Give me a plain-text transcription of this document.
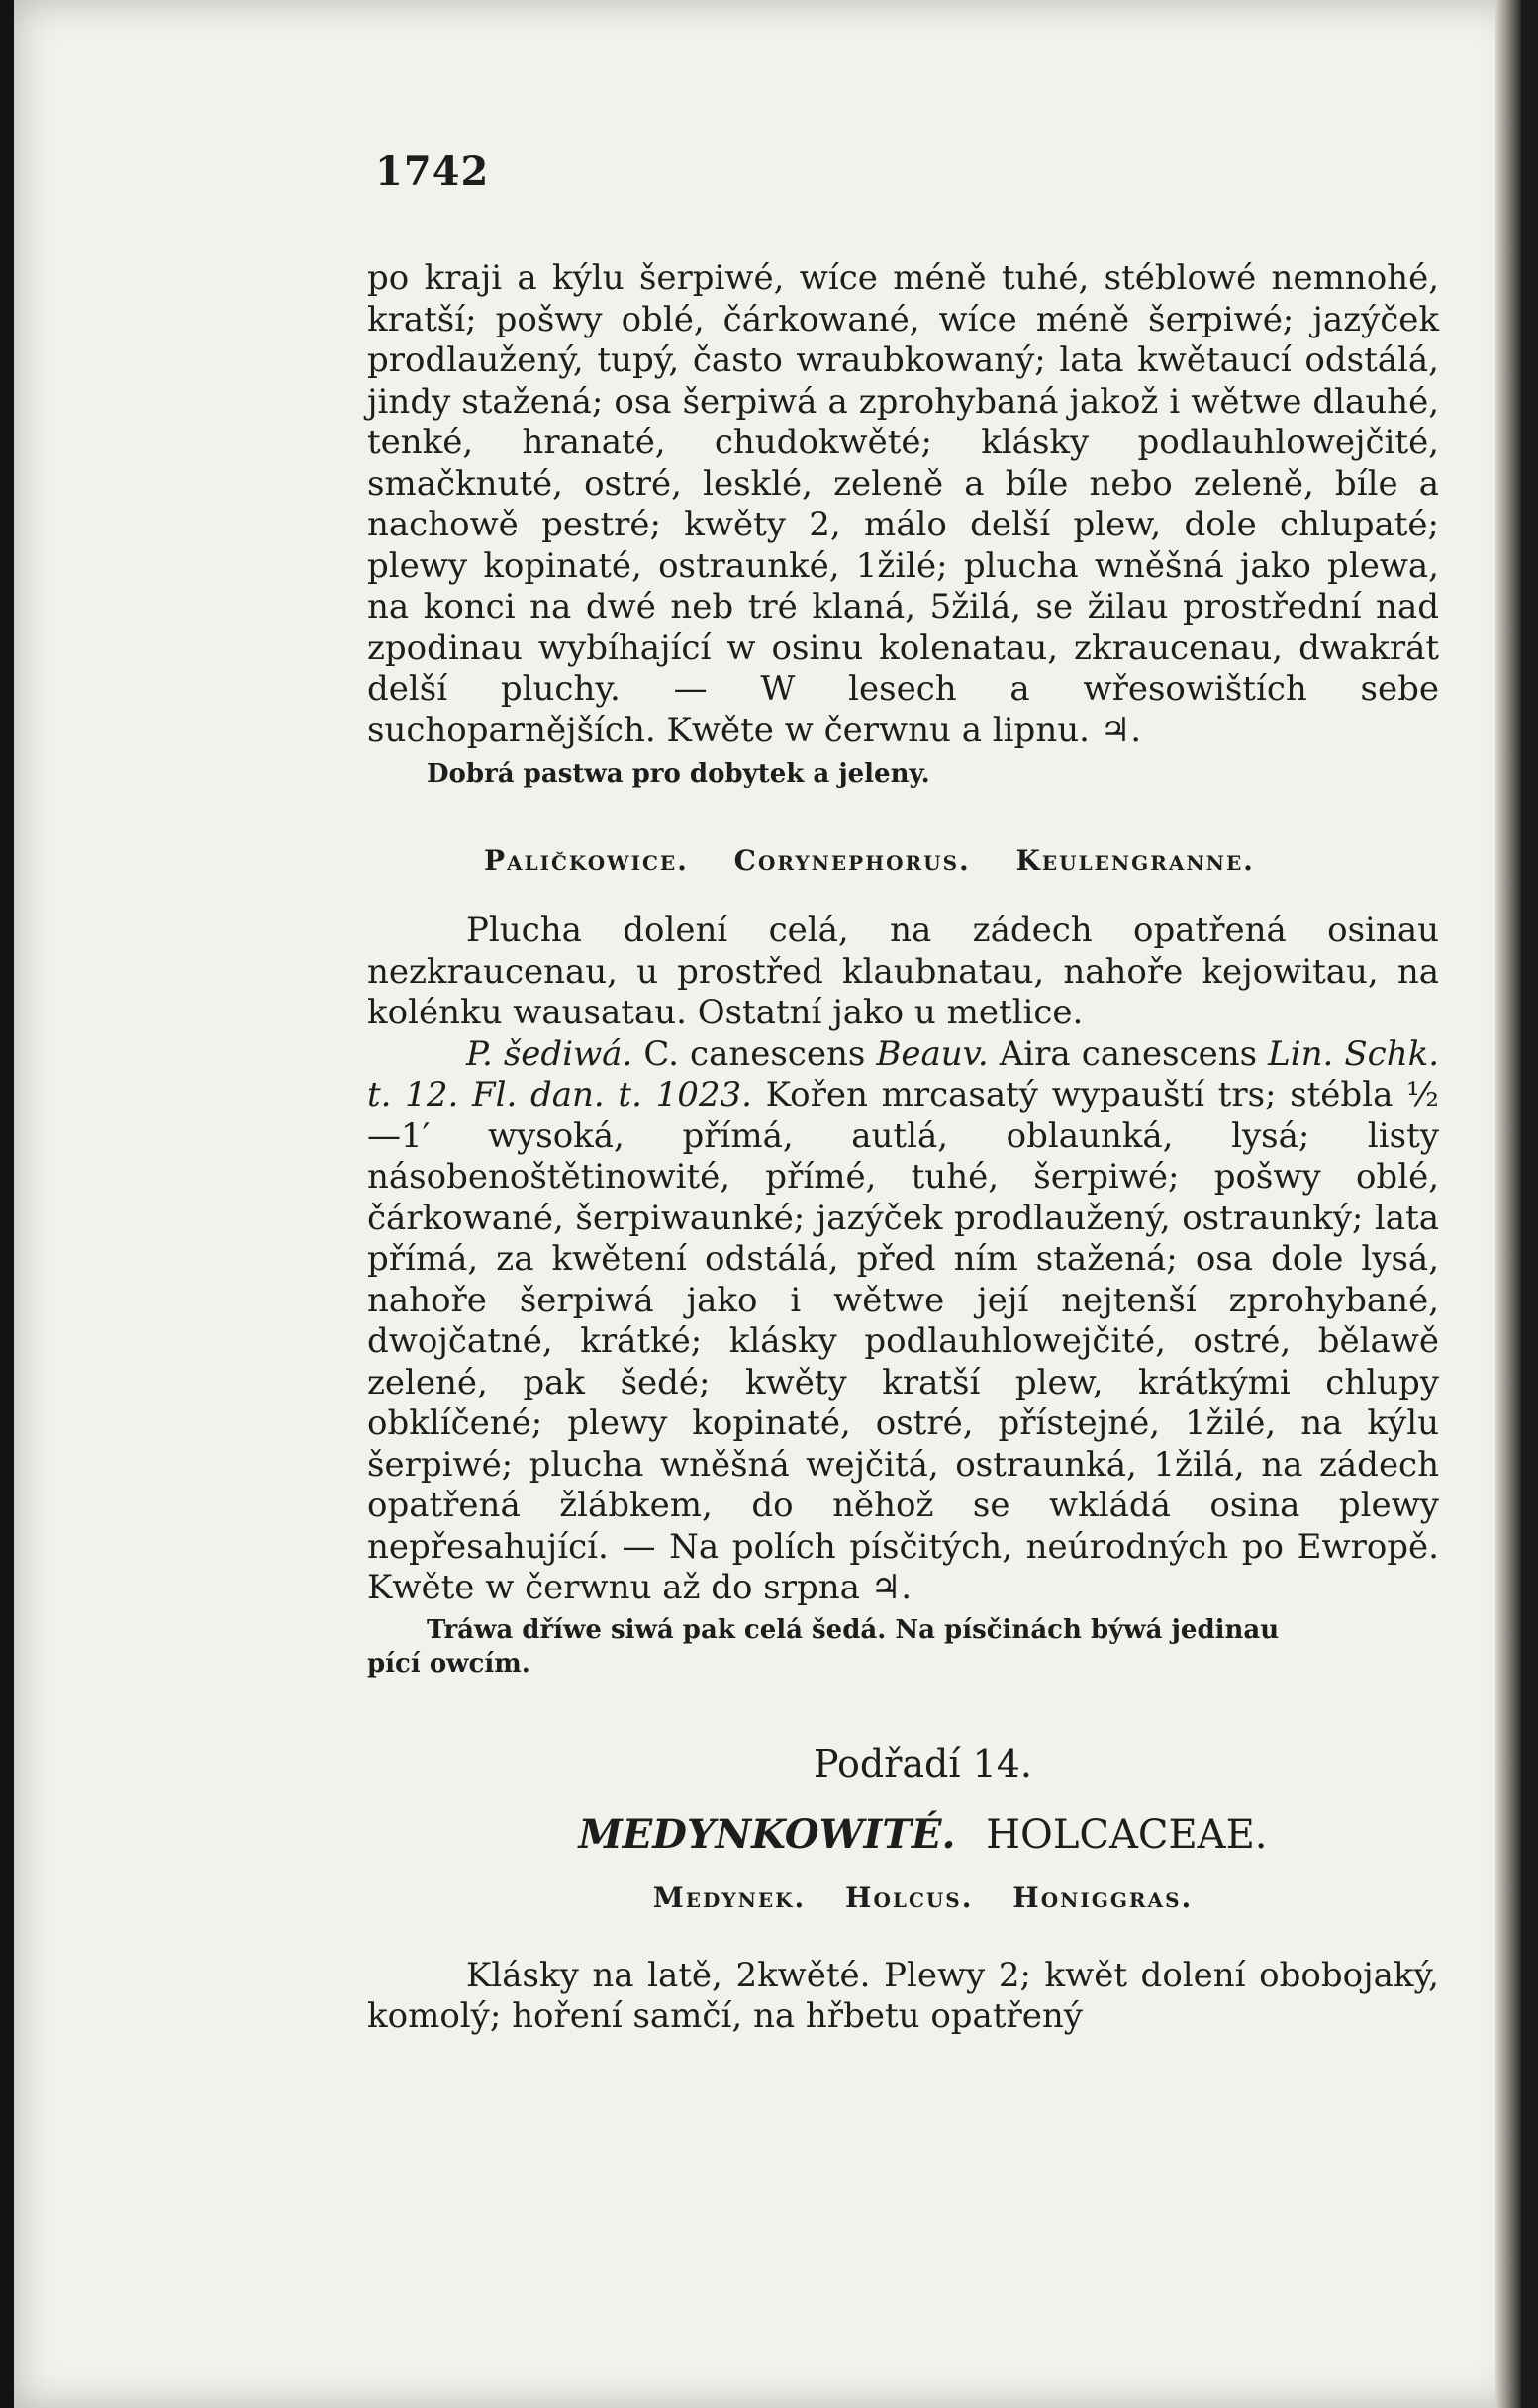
1742

po kraji a kýlu šerpiwé, wíce méně tuhé, stéblowé nemnohé, kratší; pošwy oblé, čárkowané, wíce méně šerpiwé; jazýček prodlaužený, tupý, často wraubkowaný; lata kwětaucí odstálá, jindy stažená; osa šerpiwá a zprohybaná jakož i wětwe dlauhé, tenké, hranaté, chudokwěté; klásky podlauhlowejčité, smačknuté, ostré, lesklé, zeleně a bíle nebo zeleně, bíle a nachowě pestré; kwěty 2, málo delší plew, dole chlupaté; plewy kopinaté, ostraunké, 1žilé; plucha wněšná jako plewa, na konci na dwé neb tré klaná, 5žilá, se žilau prostřední nad zpodinau wybíhající w osinu kolenatau, zkraucenau, dwakrát delší pluchy. — W lesech a wřesowištích sebe suchoparnějších. Kwěte w čerwnu a lipnu. ♃.

Dobrá pastwa pro dobytek a jeleny.

Paličkowice. Corynephorus. Keulengranne.

Plucha dolení celá, na zádech opatřená osinau nezkraucenau, u prostřed klaubnatau, nahoře kejowitau, na kolénku wausatau. Ostatní jako u metlice.

P. šediwá. C. canescens Beauv. Aira canescens Lin. Schk. t. 12. Fl. dan. t. 1023. Kořen mrcasatý wypauští trs; stébla ½—1′ wysoká, přímá, autlá, oblaunká, lysá; listy násobenoštětinowité, přímé, tuhé, šerpiwé; pošwy oblé, čárkowané, šerpiwaunké; jazýček prodlaužený, ostraunký; lata přímá, za kwětení odstálá, před ním stažená; osa dole lysá, nahoře šerpiwá jako i wětwe její nejtenší zprohybané, dwojčatné, krátké; klásky podlauhlowejčité, ostré, bělawě zelené, pak šedé; kwěty kratší plew, krátkými chlupy obklíčené; plewy kopinaté, ostré, přístejné, 1žilé, na kýlu šerpiwé; plucha wněšná wejčitá, ostraunká, 1žilá, na zádech opatřená žlábkem, do něhož se wkládá osina plewy nepřesahující. — Na polích písčitých, neúrodných po Ewropě. Kwěte w čerwnu až do srpna ♃.

Tráwa dříwe siwá pak celá šedá. Na písčinách býwá jedinau
pící owcím.

Podřadí 14.
MEDYNKOWITÉ. HOLCACEAE.
Medynek. Holcus. Honiggras.

Klásky na latě, 2kwěté. Plewy 2; kwět dolení obobojaký, komolý; hoření samčí, na hřbetu opatřený
